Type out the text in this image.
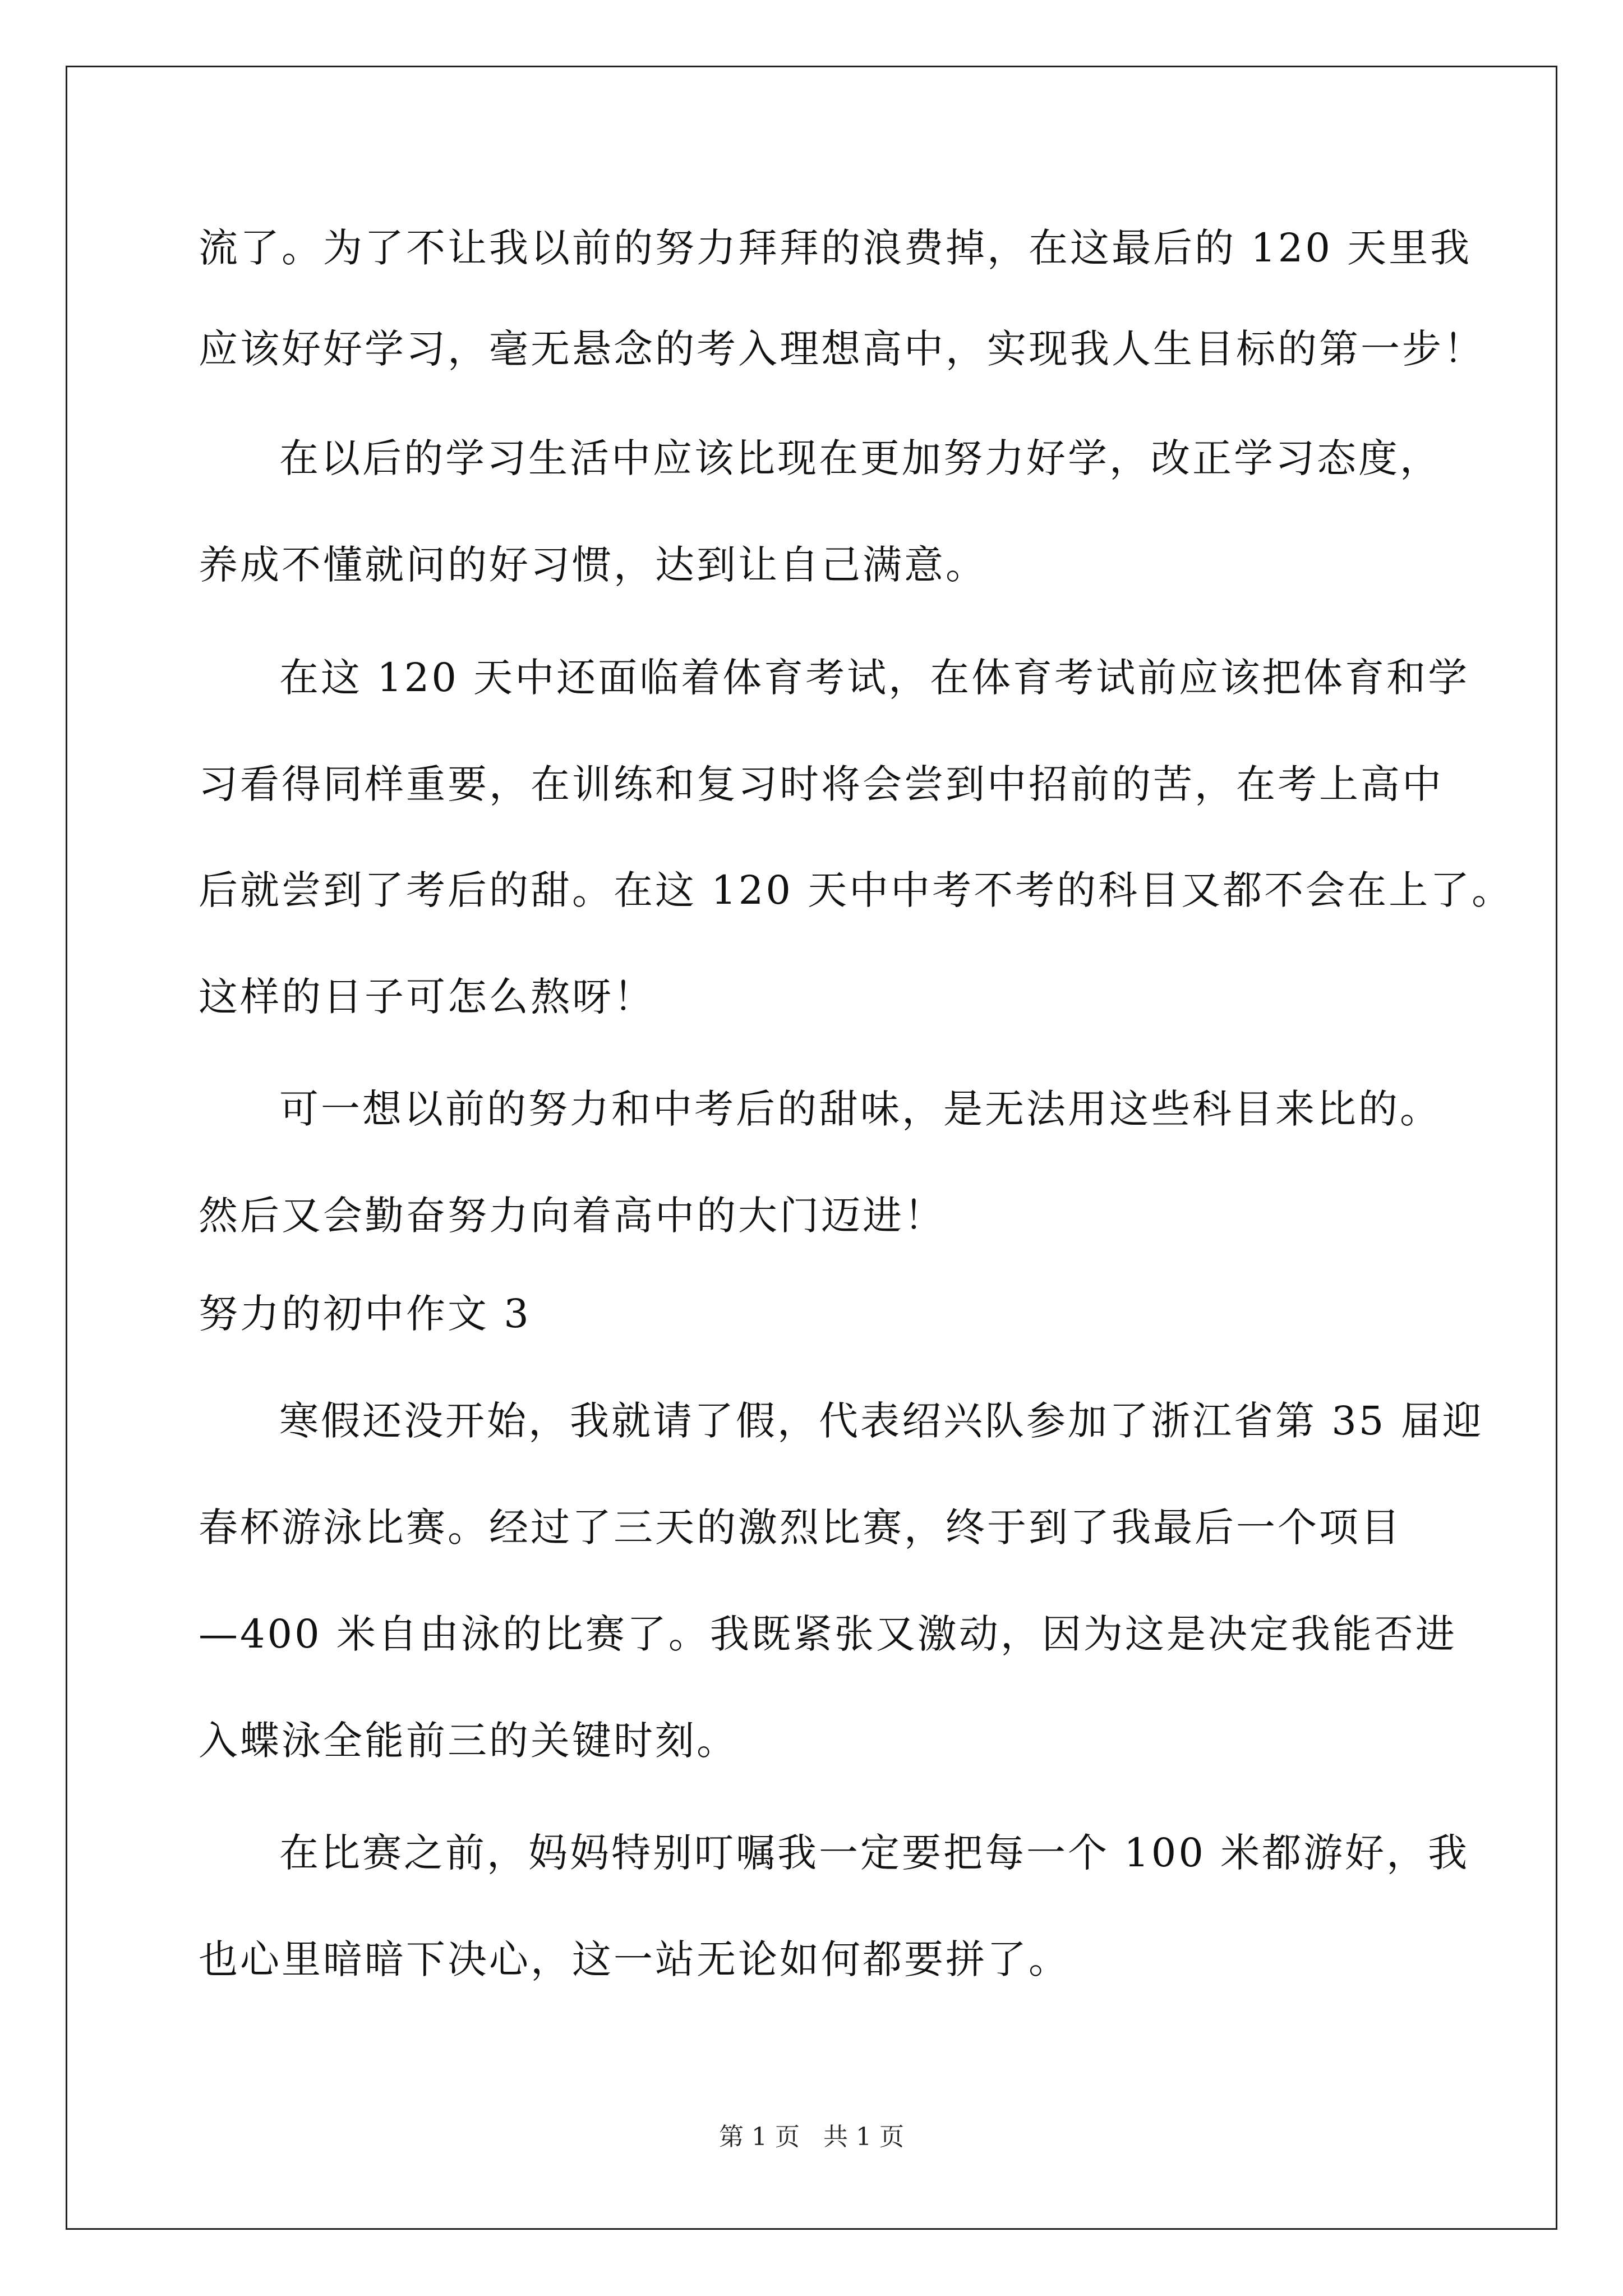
流了。为了不让我以前的努力拜拜的浪费掉，在这最后的 120 天里我
应该好好学习，毫无悬念的考入理想高中，实现我人生目标的第一步！
在以后的学习生活中应该比现在更加努力好学，改正学习态度，
养成不懂就问的好习惯，达到让自己满意。
在这 120 天中还面临着体育考试，在体育考试前应该把体育和学
习看得同样重要，在训练和复习时将会尝到中招前的苦，在考上高中
后就尝到了考后的甜。在这 120 天中中考不考的科目又都不会在上了。
这样的日子可怎么熬呀！
可一想以前的努力和中考后的甜味，是无法用这些科目来比的。
然后又会勤奋努力向着高中的大门迈进！
努力的初中作文 3
寒假还没开始，我就请了假，代表绍兴队参加了浙江省第 35 届迎
春杯游泳比赛。经过了三天的激烈比赛，终于到了我最后一个项目
—400 米自由泳的比赛了。我既紧张又激动，因为这是决定我能否进
入蝶泳全能前三的关键时刻。
在比赛之前，妈妈特别叮嘱我一定要把每一个 100 米都游好，我
也心里暗暗下决心，这一站无论如何都要拼了。
第 1 页   共 1 页
